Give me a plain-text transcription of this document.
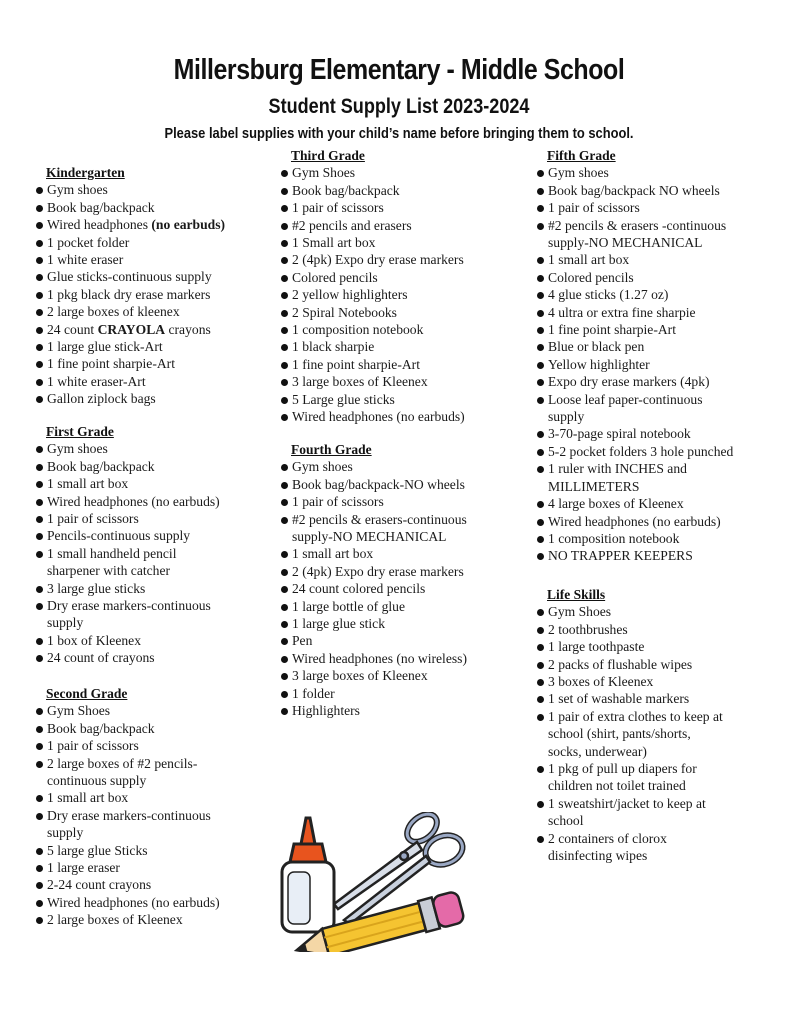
Millersburg Elementary - Middle School
Student Supply List 2023-2024
Please label supplies with your child’s name before bringing them to school.
Kindergarten
Gym shoes
Book bag/backpack
Wired headphones (no earbuds)
1 pocket folder
1 white eraser
Glue sticks-continuous supply
1 pkg black dry erase markers
2 large boxes of kleenex
24 count CRAYOLA crayons
1 large glue stick-Art
1 fine point sharpie-Art
1 white eraser-Art
Gallon ziplock bags
First Grade
Gym shoes
Book bag/backpack
1 small art box
Wired headphones (no earbuds)
1 pair of scissors
Pencils-continuous supply
1 small handheld pencil
sharpener with catcher
3 large glue sticks
Dry erase markers-continuous
supply
1 box of Kleenex
24 count of crayons
Second Grade
Gym Shoes
Book bag/backpack
1 pair of scissors
2 large boxes of #2 pencils-
continuous supply
1 small art box
Dry erase markers-continuous
supply
5 large glue Sticks
1 large eraser
2-24 count crayons
Wired headphones (no earbuds)
2 large boxes of Kleenex
Third Grade
Gym Shoes
Book bag/backpack
1 pair of scissors
#2 pencils and erasers
1 Small art box
2 (4pk) Expo dry erase markers
Colored pencils
2 yellow highlighters
2 Spiral Notebooks
1 composition notebook
1 black sharpie
1 fine point sharpie-Art
3 large boxes of Kleenex
5 Large glue sticks
Wired headphones (no earbuds)
Fourth Grade
Gym shoes
Book bag/backpack-NO wheels
1 pair of scissors
#2 pencils & erasers-continuous
supply-NO MECHANICAL
1 small art box
2 (4pk) Expo dry erase markers
24 count colored pencils
1 large bottle of glue
1 large glue stick
Pen
Wired headphones (no wireless)
3 large boxes of Kleenex
1 folder
Highlighters
Fifth Grade
Gym shoes
Book bag/backpack NO wheels
1 pair of scissors
#2 pencils & erasers -continuous
supply-NO MECHANICAL
1 small art box
Colored pencils
4 glue sticks (1.27 oz)
4 ultra or extra fine sharpie
1 fine point sharpie-Art
Blue or black pen
Yellow highlighter
Expo dry erase markers (4pk)
Loose leaf paper-continuous
supply
3-70-page spiral notebook
5-2 pocket folders 3 hole punched
1 ruler with INCHES and
MILLIMETERS
4 large boxes of Kleenex
Wired headphones (no earbuds)
1 composition notebook
NO TRAPPER KEEPERS
Life Skills
Gym Shoes
2 toothbrushes
1 large toothpaste
2 packs of flushable wipes
3 boxes of Kleenex
1 set of washable markers
1 pair of extra clothes to keep at
school (shirt, pants/shorts,
socks, underwear)
1 pkg of pull up diapers for
children not toilet trained
1 sweatshirt/jacket to keep at
school
2 containers of clorox
disinfecting wipes
